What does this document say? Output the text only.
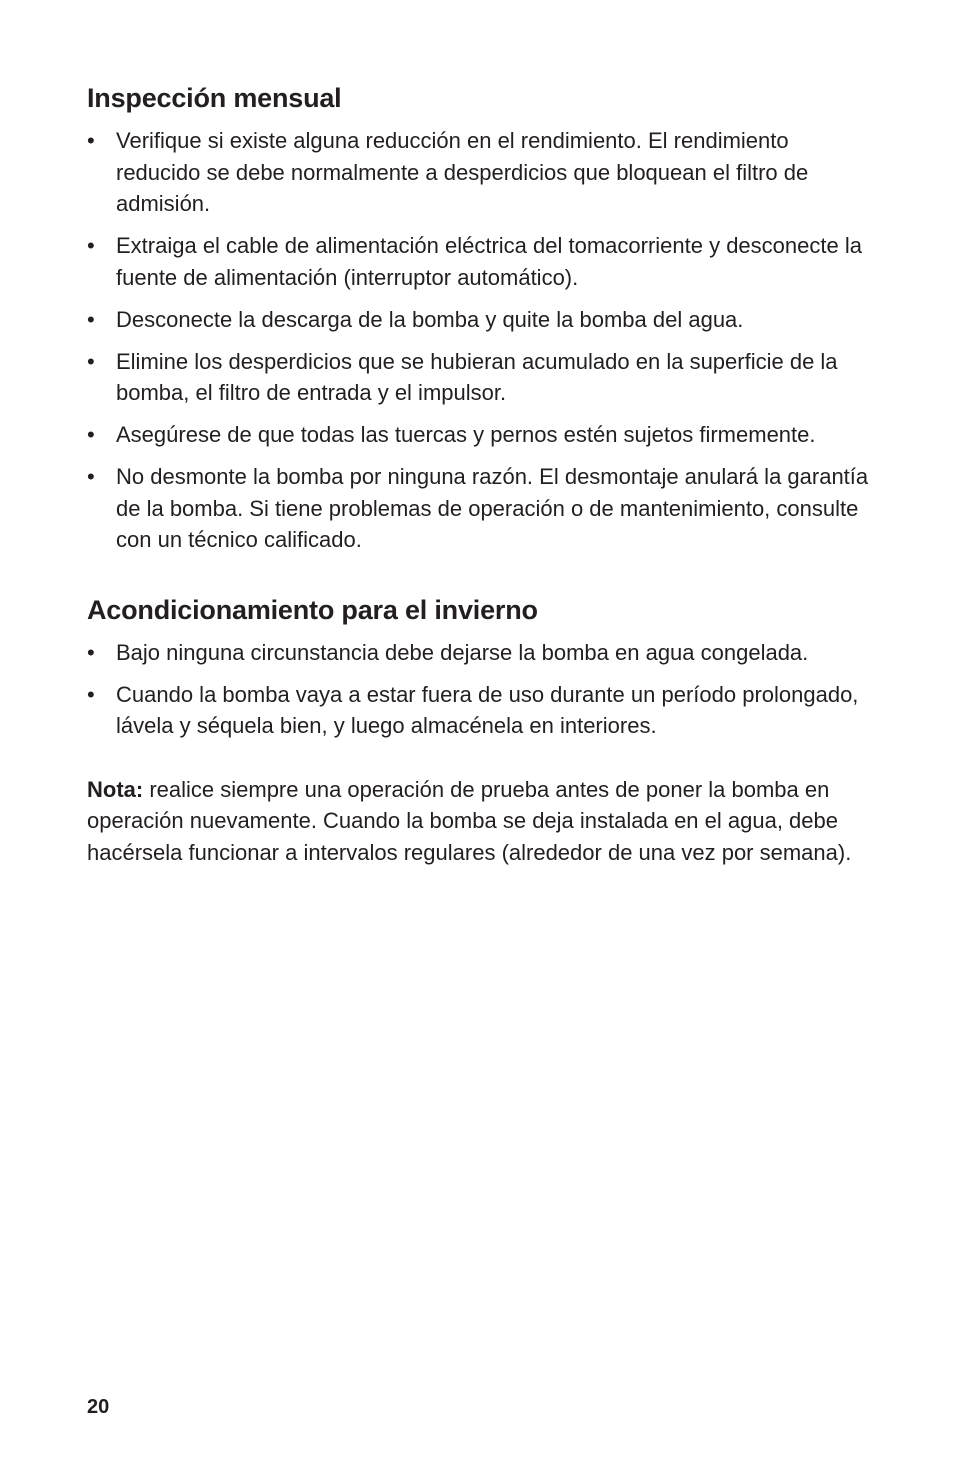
Inspección mensual
• Verifique si existe alguna reducción en el rendimiento. El rendimiento reducido se debe normalmente a desperdicios que bloquean el filtro de admisión.
• Extraiga el cable de alimentación eléctrica del tomacorriente y desconecte la fuente de alimentación (interruptor automático).
• Desconecte la descarga de la bomba y quite la bomba del agua.
• Elimine los desperdicios que se hubieran acumulado en la superficie de la bomba, el filtro de entrada y el impulsor.
• Asegúrese de que todas las tuercas y pernos estén sujetos firmemente.
• No desmonte la bomba por ninguna razón. El desmontaje anulará la garantía de la bomba. Si tiene problemas de operación o de mantenimiento, consulte con un técnico calificado.
Acondicionamiento para el invierno
• Bajo ninguna circunstancia debe dejarse la bomba en agua congelada.
• Cuando la bomba vaya a estar fuera de uso durante un período prolongado, lávela y séquela bien, y luego almacénela en interiores.

Nota: realice siempre una operación de prueba antes de poner la bomba en operación nuevamente. Cuando la bomba se deja instalada en el agua, debe hacérsela funcionar a intervalos regulares (alrededor de una vez por semana).

20
